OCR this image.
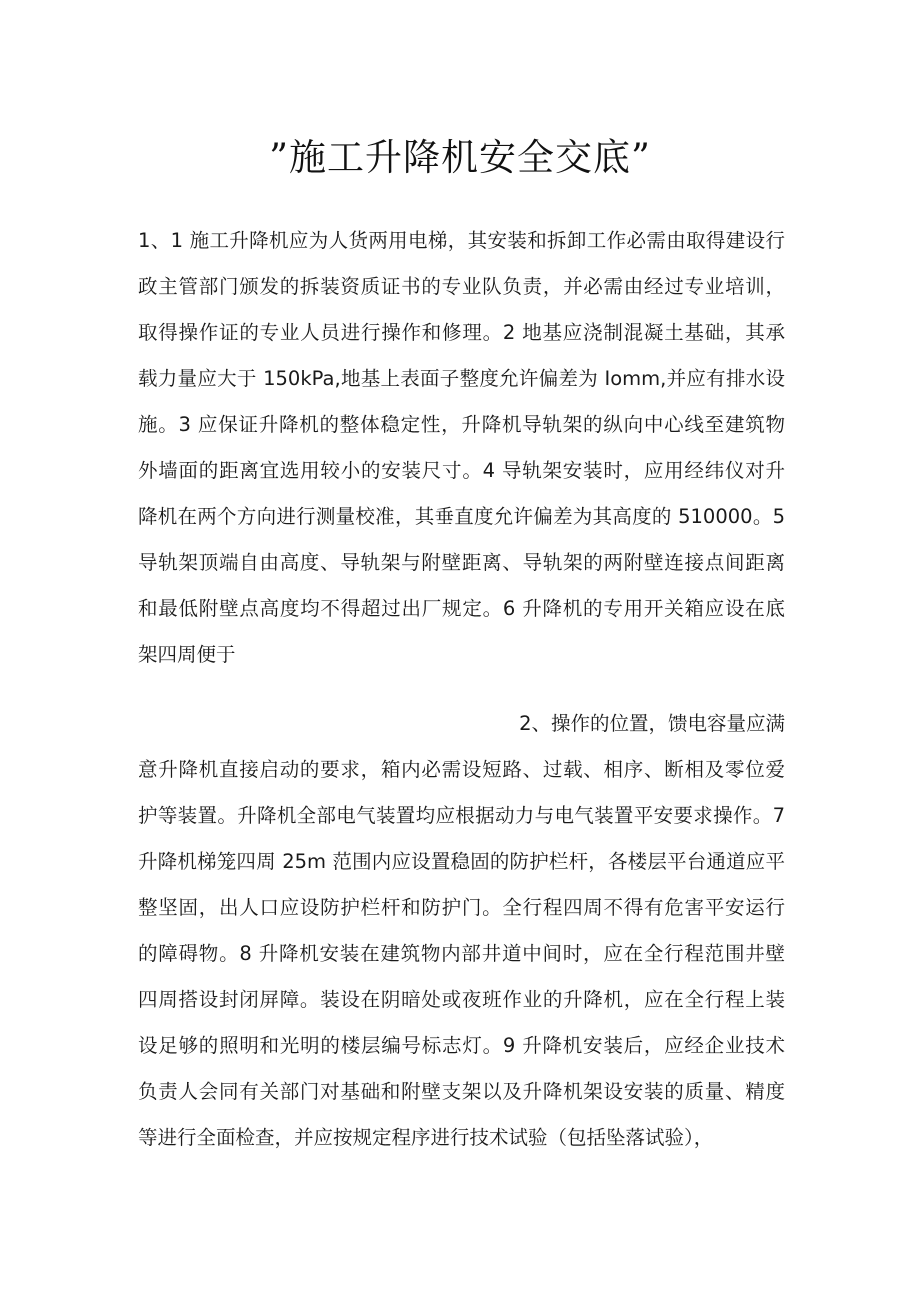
”施工升降机安全交底”
1、1 施工升降机应为人货两用电梯，其安装和拆卸工作必需由取得建设行
政主管部门颁发的拆装资质证书的专业队负责，并必需由经过专业培训，
取得操作证的专业人员进行操作和修理。2 地基应浇制混凝土基础，其承
载力量应大于 150kPa,地基上表面子整度允许偏差为 Iomm,并应有排水设
施。3 应保证升降机的整体稳定性，升降机导轨架的纵向中心线至建筑物
外墙面的距离宜选用较小的安装尺寸。4 导轨架安装时，应用经纬仪对升
降机在两个方向进行测量校准，其垂直度允许偏差为其高度的 510000。5
导轨架顶端自由高度、导轨架与附壁距离、导轨架的两附壁连接点间距离
和最低附壁点高度均不得超过出厂规定。6 升降机的专用开关箱应设在底
架四周便于
2、操作的位置，馈电容量应满
意升降机直接启动的要求，箱内必需设短路、过载、相序、断相及零位爱
护等装置。升降机全部电气装置均应根据动力与电气装置平安要求操作。7
升降机梯笼四周 25m 范围内应设置稳固的防护栏杆，各楼层平台通道应平
整坚固，出人口应设防护栏杆和防护门。全行程四周不得有危害平安运行
的障碍物。8 升降机安装在建筑物内部井道中间时，应在全行程范围井壁
四周搭设封闭屏障。装设在阴暗处或夜班作业的升降机，应在全行程上装
设足够的照明和光明的楼层编号标志灯。9 升降机安装后，应经企业技术
负责人会同有关部门对基础和附壁支架以及升降机架设安装的质量、精度
等进行全面检查，并应按规定程序进行技术试验（包括坠落试验），
